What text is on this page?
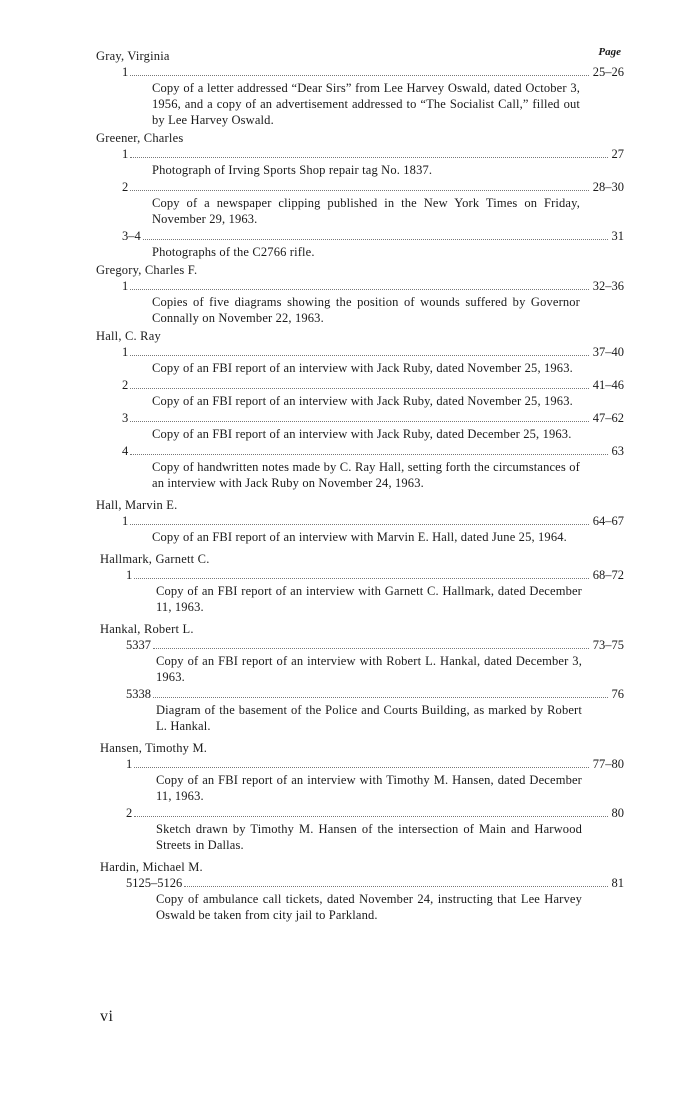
Page
Gray, Virginia
1	25–26
Copy of a letter addressed “Dear Sirs” from Lee Harvey Oswald, dated October 3, 1956, and a copy of an advertisement addressed to “The Socialist Call,” filled out by Lee Harvey Oswald.
Greener, Charles
1	27
Photograph of Irving Sports Shop repair tag No. 1837.
2	28–30
Copy of a newspaper clipping published in the New York Times on Friday, November 29, 1963.
3–4	31
Photographs of the C2766 rifle.
Gregory, Charles F.
1	32–36
Copies of five diagrams showing the position of wounds suffered by Governor Connally on November 22, 1963.
Hall, C. Ray
1	37–40
Copy of an FBI report of an interview with Jack Ruby, dated November 25, 1963.
2	41–46
Copy of an FBI report of an interview with Jack Ruby, dated November 25, 1963.
3	47–62
Copy of an FBI report of an interview with Jack Ruby, dated December 25, 1963.
4	63
Copy of handwritten notes made by C. Ray Hall, setting forth the circumstances of an interview with Jack Ruby on November 24, 1963.
Hall, Marvin E.
1	64–67
Copy of an FBI report of an interview with Marvin E. Hall, dated June 25, 1964.
Hallmark, Garnett C.
1	68–72
Copy of an FBI report of an interview with Garnett C. Hallmark, dated December 11, 1963.
Hankal, Robert L.
5337	73–75
Copy of an FBI report of an interview with Robert L. Hankal, dated December 3, 1963.
5338	76
Diagram of the basement of the Police and Courts Building, as marked by Robert L. Hankal.
Hansen, Timothy M.
1	77–80
Copy of an FBI report of an interview with Timothy M. Hansen, dated December 11, 1963.
2	80
Sketch drawn by Timothy M. Hansen of the intersection of Main and Harwood Streets in Dallas.
Hardin, Michael M.
5125–5126	81
Copy of ambulance call tickets, dated November 24, instructing that Lee Harvey Oswald be taken from city jail to Parkland.
vi
